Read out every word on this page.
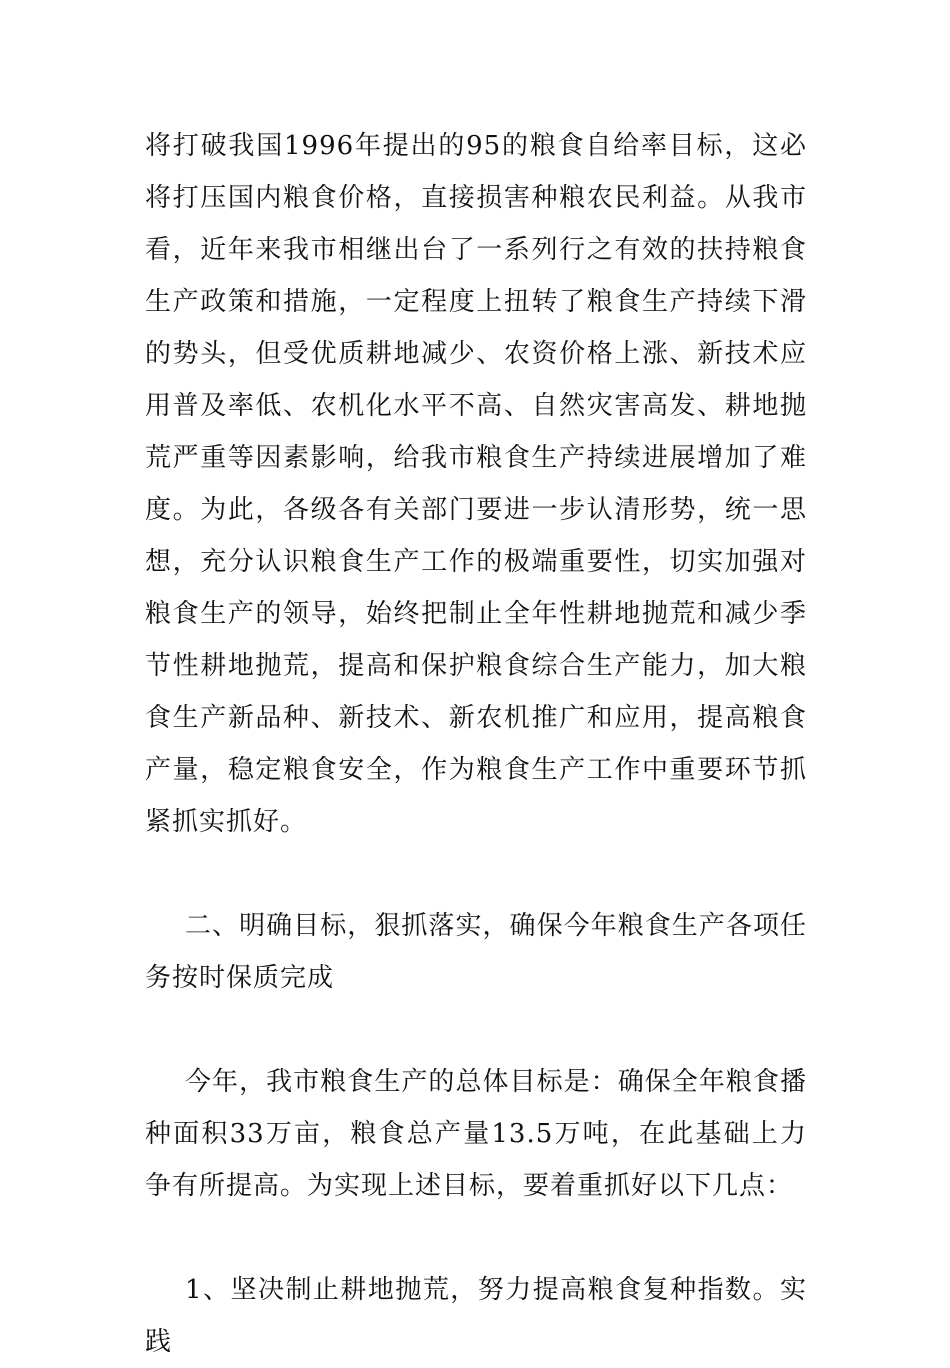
将打破我国1996年提出的95的粮食自给率目标，这必将打压国内粮食价格，直接损害种粮农民利益。从我市看，近年来我市相继出台了一系列行之有效的扶持粮食生产政策和措施，一定程度上扭转了粮食生产持续下滑的势头，但受优质耕地减少、农资价格上涨、新技术应用普及率低、农机化水平不高、自然灾害高发、耕地抛荒严重等因素影响，给我市粮食生产持续进展增加了难度。为此，各级各有关部门要进一步认清形势，统一思想，充分认识粮食生产工作的极端重要性，切实加强对粮食生产的领导，始终把制止全年性耕地抛荒和减少季节性耕地抛荒，提高和保护粮食综合生产能力，加大粮食生产新品种、新技术、新农机推广和应用，提高粮食产量，稳定粮食安全，作为粮食生产工作中重要环节抓紧抓实抓好。

二、明确目标，狠抓落实，确保今年粮食生产各项任务按时保质完成

今年，我市粮食生产的总体目标是：确保全年粮食播种面积33万亩，粮食总产量13.5万吨，在此基础上力争有所提高。为实现上述目标，要着重抓好以下几点：

1、坚决制止耕地抛荒，努力提高粮食复种指数。实践
